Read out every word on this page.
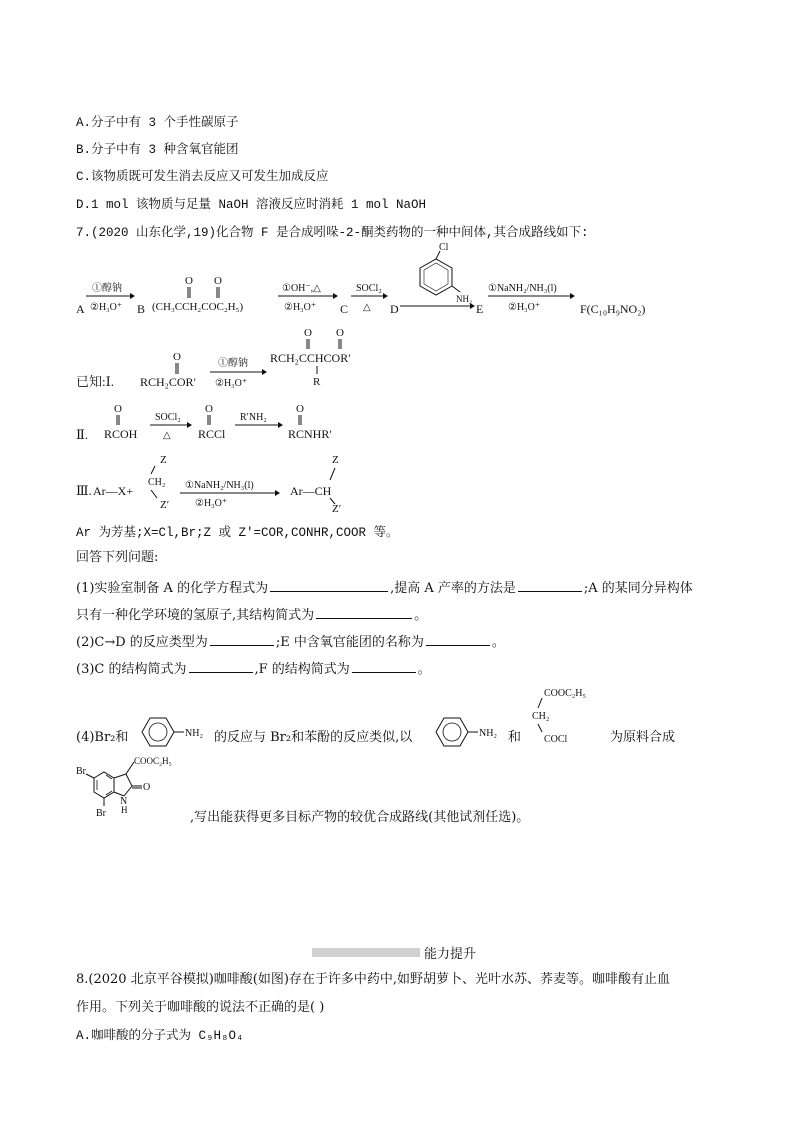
A.分子中有 3 个手性碳原子
B.分子中有 3 种含氧官能团
C.该物质既可发生消去反应又可发生加成反应
D.1 mol 该物质与足量 NaOH 溶液反应时消耗 1 mol NaOH
7.(2020 山东化学,19)化合物 F 是合成吲哚-2-酮类药物的一种中间体,其合成路线如下:
A
①醇钠
②H₃O⁺ B
O O
(CH₃CCH₂COC₂H₅)
①OH⁻,△
②H₃O⁺ C
SOCl₂
△ D
Cl
NH₂
E
①NaNH₂/NH₃(l)
②H₃O⁺	F(C₁₀H₉NO₂)
已知:Ⅰ.
O
RCH₂COR′
①醇钠
②H₃O⁺
O O
RCH₂CCHCOR′
R
Ⅱ.
O
RCOH
SOCl₂
△
O
RCCl
R′NH₂
O
RCNHR′
Ⅲ. Ar—X+
Z
CH₂
Z′
①NaNH₂/NH₃(l)
②H₃O⁺
Z
Ar—CH
Z′
Ar 为芳基;X=Cl,Br;Z 或 Z′=COR,CONHR,COOR 等。
回答下列问题:
(1)实验室制备 A 的化学方程式为	,提高 A 产率的方法是	;A 的某同分异构体
只有一种化学环境的氢原子,其结构简式为	。
(2)C→D 的反应类型为	;E 中含氧官能团的名称为	。
(3)C 的结构简式为	,F 的结构简式为	。
(4)Br₂和	NH₂ 的反应与 Br₂和苯酚的反应类似,以	NH₂ 和
COOC₂H₅
CH₂
COCl	为原料合成
COOC₂H₅
O
N
H
Br
Br	,写出能获得更多目标产物的较优合成路线(其他试剂任选)。
能力提升
8.(2020 北京平谷模拟)咖啡酸(如图)存在于许多中药中,如野胡萝卜、光叶水苏、荞麦等。咖啡酸有止血
作用。下列关于咖啡酸的说法不正确的是( )
A.咖啡酸的分子式为 C₉H₈O₄
